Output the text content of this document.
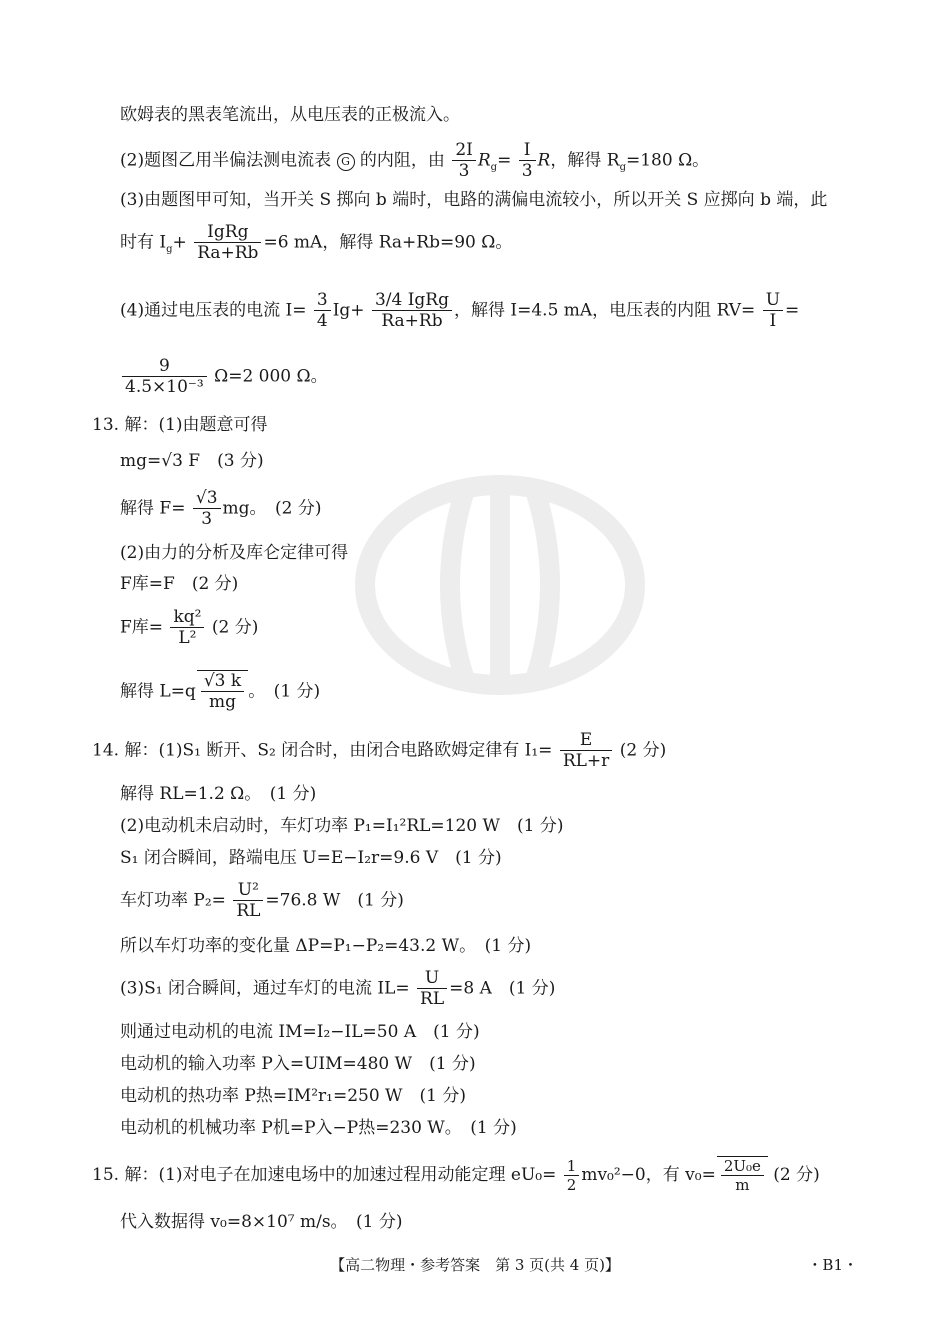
欧姆表的黑表笔流出，从电压表的正极流入。
(2)题图乙用半偏法测电流表 G 的内阻，由 $\frac{2I}{3} R_g= \frac{I}{3}$ R，解得 $R_g=180$ Ω。
(3)由题图甲可知，当开关 S 掷向 b 端时，电路的满偏电流较小，所以开关 S 应掷向 b 端，此
时有 $I_g+ \frac{\text{IgRg}}{Ra+Rb} =6$ mA，解得 Ra+Rb=90 Ω。
(4)通过电压表的电流 $I= \frac{3}{4} Ig+ \frac{\text{3/4 IgRg}}{Ra+Rb}$ ，解得 I=4.5 mA，电压表的内阻 $RV= \frac{U}{I}$ =
$\frac{9}{\text{4.5×10⁻³}} \Omega=2$ 000 Ω。
13. 解：(1)由题意可得
mg=√3 F　(3 分)
解得 $F= \frac{√3}{3}$ mg。　(2 分)
(2)由力的分析及库仑定律可得
F库=F　(2 分)
F库= $\frac{\text{kq²}}{\text{L²}} (2$ 分)
解得 $L=q \frac{√3 k}{mg}$ 。　(1 分)
14. 解：(1)S₁ 断开、S₂ 闭合时，由闭合电路欧姆定律有 $I_1= \frac{E}{RL+r} (2$ 分)
解得 RL=1.2 Ω。　(1 分)
(2)电动机未启动时，车灯功率 P₁=I₁²RL=120 W　(1 分)
S₁ 闭合瞬间，路端电压 U=E−I₂r=9.6 V　(1 分)
车灯功率 $P_2= \frac{\text{U²}}{RL} =76.8$ W　(1 分)
所以车灯功率的变化量 ΔP=P₁−P₂=43.2 W。　(1 分)
(3)S₁ 闭合瞬间，通过车灯的电流 $IL= \frac{U}{RL} =8$ A　(1 分)
则通过电动机的电流 IM=I₂−IL=50 A　(1 分)
电动机的输入功率 P入=UIM=480 W　(1 分)
电动机的热功率 P热=IM²r₁=250 W　(1 分)
电动机的机械功率 P机=P入−P热=230 W。　(1 分)
15. 解：(1)对电子在加速电场中的加速过程用动能定理 $eU_0= \frac{1}{2} mv_0^2-0$，有 $v_0= \frac{\text{2U₀e}}{m} (2$ 分)
代入数据得 v₀=8×10⁷ m/s。　(1 分)
【高二物理・参考答案　第 3 页(共 4 页)】	・B1・
